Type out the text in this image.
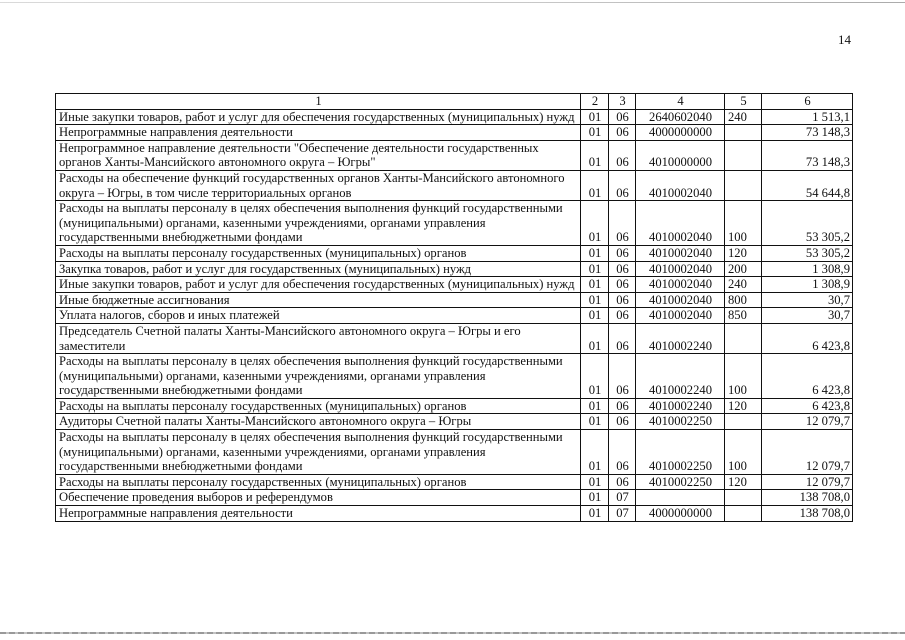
14
1	2	3	4	5	6
Иные закупки товаров, работ и услуг для обеспечения государственных (муниципальных) нужд	01	06	2640602040	240	1 513,1
Непрограммные направления деятельности	01	06	4000000000		73 148,3
Непрограммное направление деятельности "Обеспечение деятельности государственных органов Ханты-Мансийского автономного округа – Югры"	01	06	4010000000		73 148,3
Расходы на обеспечение функций государственных органов Ханты-Мансийского автономного округа – Югры, в том числе территориальных органов	01	06	4010002040		54 644,8
Расходы на выплаты персоналу в целях обеспечения выполнения функций государственными (муниципальными) органами, казенными учреждениями, органами управления государственными внебюджетными фондами	01	06	4010002040	100	53 305,2
Расходы на выплаты персоналу государственных (муниципальных) органов	01	06	4010002040	120	53 305,2
Закупка товаров, работ и услуг для государственных (муниципальных) нужд	01	06	4010002040	200	1 308,9
Иные закупки товаров, работ и услуг для обеспечения государственных (муниципальных) нужд	01	06	4010002040	240	1 308,9
Иные бюджетные ассигнования	01	06	4010002040	800	30,7
Уплата налогов, сборов и иных платежей	01	06	4010002040	850	30,7
Председатель Счетной палаты Ханты-Мансийского автономного округа – Югры и его заместители	01	06	4010002240		6 423,8
Расходы на выплаты персоналу в целях обеспечения выполнения функций государственными (муниципальными) органами, казенными учреждениями, органами управления государственными внебюджетными фондами	01	06	4010002240	100	6 423,8
Расходы на выплаты персоналу государственных (муниципальных) органов	01	06	4010002240	120	6 423,8
Аудиторы Счетной палаты Ханты-Мансийского автономного округа – Югры	01	06	4010002250		12 079,7
Расходы на выплаты персоналу в целях обеспечения выполнения функций государственными (муниципальными) органами, казенными учреждениями, органами управления государственными внебюджетными фондами	01	06	4010002250	100	12 079,7
Расходы на выплаты персоналу государственных (муниципальных) органов	01	06	4010002250	120	12 079,7
Обеспечение проведения выборов и референдумов	01	07			138 708,0
Непрограммные направления деятельности	01	07	4000000000		138 708,0
